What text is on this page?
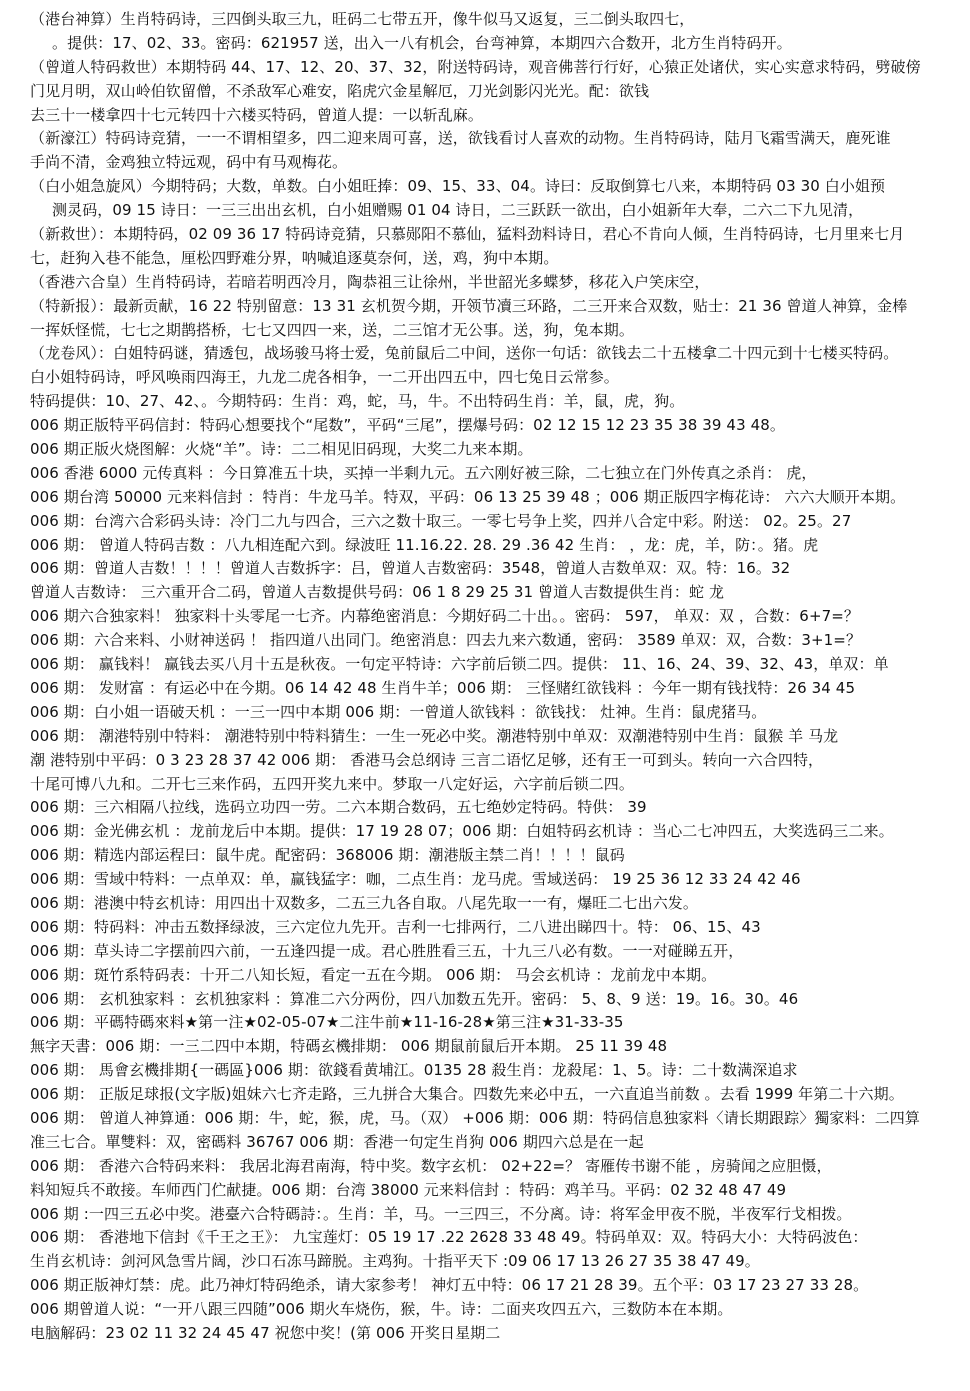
（港台神算）生肖特码诗，三四倒头取三九，旺码二七带五开，像牛似马又返复，三二倒头取四七，
。提供：17、02、33。密码：621957 送，出入一八有机会，台弯神算，本期四六合数开，北方生肖特码开。
（曾道人特码救世）本期特码 44、17、12、20、37、32，附送特码诗，观音佛菩行行好，心猿正处诸伏，实心实意求特码，劈破傍
门见月明，双山岭伯钦留僧，不杀敌军心难安，陷虎穴金星解厄，刀光剑影闪光光。配：欲钱
去三十一楼拿四十七元转四十六楼买特码，曾道人提：一以斩乱麻。
（新濠江）特码诗竞猜，一一不谓相望多，四二迎来周可喜，送，欲钱看讨人喜欢的动物。生肖特码诗，陆月飞霜雪满天，鹿死谁
手尚不清，金鸡独立特远观，码中有马观梅花。
（白小姐急旋风）今期特码；大数，单数。白小姐旺捧：09、15、33、04。诗曰：反取倒算七八来，本期特码 03 30 白小姐预
测灵码，09 15 诗日：一三三出出玄机，白小姐赠赐 01 04 诗日，二三跃跃一欲出，白小姐新年大奉，二六二下九见清，
（新救世）：本期特码，02 09 36 17 特码诗竞猜，只慕郧阳不慕仙，猛料劲料诗日，君心不肯向人倾，生肖特码诗，七月里来七月
七，赶狗入巷不能急，厘松四野难分界，呐喊追逐莫奈何，送，鸡，狗中本期。
（香港六合皇）生肖特码诗，若暗若明西冷月，陶恭祖三让徐州，半世韶光多蝶梦，移花入户笑床空，
（特新报）：最新贡献，16 22 特别留意：13 31 玄机贺今期，开领节凟三环路，二三开来合双数，贴士：21 36 曾道人神算，金棒
一挥妖怪慌，七七之期鹊搭桥，七七又四四一来，送，二三馆才无公事。送，狗，兔本期。
（龙卷风）：白姐特码谜，猜透包，战场骏马将士爱，兔前鼠后二中间，送你一句话：欲钱去二十五楼拿二十四元到十七楼买特码。
白小姐特码诗，呼风唤雨四海王，九龙二虎各相争，一二开出四五中，四七兔日云常参。
特码提供：10、27、42、。今期特码：生肖：鸡，蛇，马，牛。不出特码生肖：羊，鼠，虎，狗。
006 期正版特平码信封：特码心想要找个“尾数”，平码“三尾”，摆爆号码：02 12 15 12 23 35 38 39 43 48。
006 期正版火烧图解：火烧“羊”。诗：二二相见旧码现，大奖二九来本期。
006 香港 6000 元传真料 ：今日算准五十块，买掉一半剩九元。五六刚好被三除，二七独立在门外传真之杀肖： 虎，
006 期台湾 50000 元来料信封 ：特肖：牛龙马羊。特双，平码：06 13 25 39 48 ；006 期正版四字梅花诗： 六六大顺开本期。
006 期：台湾六合彩码头诗：冷门二九与四合，三六之数十取三。一零七号争上奖，四并八合定中彩。附送： 02。25。27
006 期： 曾道人特码吉数 ：八九相连配六到。绿波旺 11.16.22. 28. 29 .36 42 生肖： ，龙：虎，羊，防：。猪。虎
006 期：曾道人吉数！！！！曾道人吉数拆字：吕，曾道人吉数密码：3548，曾道人吉数单双：双。特：16。32
曾道人吉数诗： 三六重开合二码，曾道人吉数提供号码：06 1 8 29 25 31 曾道人吉数提供生肖：蛇 龙
006 期六合独家料！ 独家料十头零尾一七齐。内幕绝密消息：今期好码二十出。。密码： 597， 单双：双 ，合数：6+7=？
006 期：六合来料、小财神送码 ！ 指四道八出同门。绝密消息：四去九来六数通，密码： 3589 单双：双，合数：3+1=？
006 期： 赢钱料！ 赢钱去买八月十五是秋夜。一句定平特诗：六字前后锁二四。提供： 11、16、24、39、32、43，单双：单
006 期： 发财富 ：有运必中在今期。06 14 42 48 生肖牛羊；006 期： 三怪赌红欲钱料 ：今年一期有钱找特：26 34 45
006 期：白小姐一语破天机 ：一三一四中本期 006 期：一曾道人欲钱料 ：欲钱找： 灶神。生肖：鼠虎猪马。
006 期： 潮港特别中特料： 潮港特别中特料猜生：一生一死必中奖。潮港特别中单双：双潮港特别中生肖：鼠猴 羊 马龙
潮 港特别中平码：0 3 23 28 37 42 006 期： 香港马会总纲诗 三言二语忆足够，还有王一可到头。转向一六合四特，
十尾可博八九和。二开七三来作码，五四开奖九来中。梦取一八定好运，六字前后锁二四。
006 期：三六相隔八拉线，选码立功四一劳。二六本期合数码，五七绝妙定特码。特供： 39
006 期：金光佛玄机 ：龙前龙后中本期。提供：17 19 28 07；006 期：白姐特码玄机诗 ：当心二七冲四五，大奖选码三二来。
006 期：精选内部运程曰：鼠牛虎。配密码：368006 期：潮港版主禁二肖！！！！鼠码
006 期：雪域中特料：一点单双：单，赢钱猛字：咖，二点生肖：龙马虎。雪域送码： 19 25 36 12 33 24 42 46
006 期：港澳中特玄机诗：用四出十双数多，二五三九各自取。八尾先取一一有，爆旺二七出六发。
006 期：特码料：冲击五数择绿波，三六定位九先开。吉利一七排两行，二八进出睇四十。特： 06、15、43
006 期：草头诗二字摆前四六前，一五逢四提一成。君心胜胜看三五，十九三八必有数。一一对碰睇五开，
006 期：斑竹系特码表：十开二八知长短，看定一五在今期。 006 期： 马会玄机诗 ：龙前龙中本期。
006 期： 玄机独家料 ：玄机独家料 ：算准二六分两份，四八加数五先开。密码： 5、8、9 送：19。16。30。46
006 期：平碼特碼來料★第一注★02-05-07★二注牛前★11-16-28★第三注★31-33-35
無字天書：006 期：一三二四中本期，特碼玄機排期： 006 期鼠前鼠后开本期。 25 11 39 48
006 期： 馬會玄機排期{一碼區}006 期：欲錢看黄埔江。0135 28 殺生肖：龙殺尾：1、5。诗：二十数满深追求
006 期： 正版足球报(文字版)姐妹六七齐走路，三九拼合大集合。四数先来必中五，一六直追当前数 。去看 1999 年第二十六期。
006 期： 曾道人神算通：006 期：牛，蛇，猴，虎，马。（双） +006 期：006 期：特码信息独家料〈请长期跟踪〉獨家料：二四算
准三七合。單雙料：双，密碼料 36767 006 期：香港一句定生肖狗 006 期四六总是在一起
006 期： 香港六合特码来料： 我居北海君南海，特中奖。数字玄机： 02+22=？ 寄雁传书谢不能 ，房骑闻之应胆慑，
料知短兵不敢接。车师西门伫献捷。006 期：台湾 38000 元来料信封 ：特码：鸡羊马。平码：02 32 48 47 49
006 期 :一四三五必中奖。港臺六合特碼詩：。生肖：羊，马。一三四三，不分离。诗：将军金甲夜不脱，半夜军行戈相拨。
006 期： 香港地下信封《千王之王》： 九宝莲灯：05 19 17 .22 2628 33 48 49。特码单双：双。特码大小：大特码波色：
生肖玄机诗：剑河风急雪片阔，沙口石冻马蹄脱。主鸡狗。十指平天下 :09 06 17 13 26 27 35 38 47 49。
006 期正版神灯禁：虎。此乃神灯特码绝杀，请大家参考！ 神灯五中特：06 17 21 28 39。五个平：03 17 23 27 33 28。
006 期曾道人说：“一开八跟三四随”006 期火车烧伤，猴，牛。诗：二面夹攻四五六，三数防本在本期。
电脑解码：23 02 11 32 24 45 47 祝您中奖！(第 006 开奖日星期二
